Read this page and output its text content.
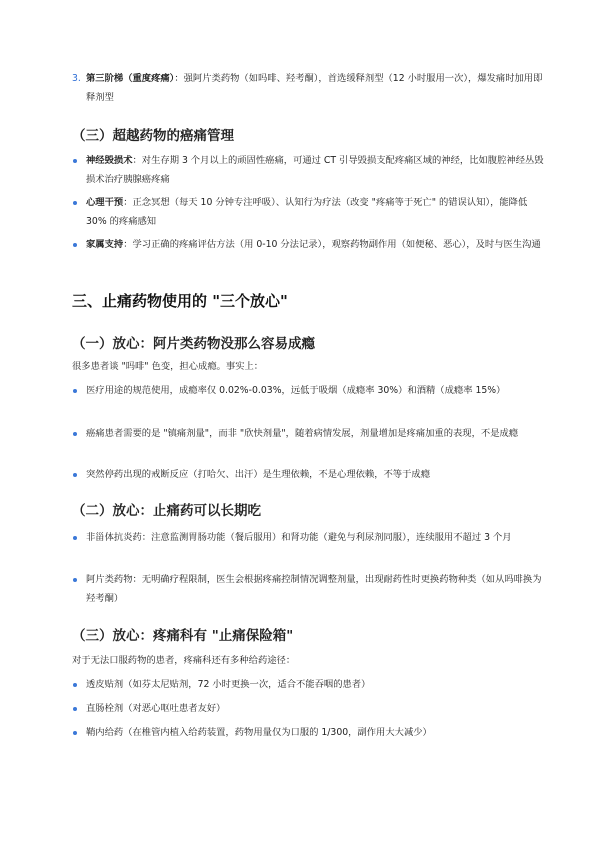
3. 第三阶梯（重度疼痛）：强阿片类药物（如吗啡、羟考酮），首选缓释剂型（12 小时服用一次），爆发痛时加用即释剂型
（三）超越药物的癌痛管理
神经毁损术：对生存期 3 个月以上的顽固性癌痛，可通过 CT 引导毁损支配疼痛区域的神经，比如腹腔神经丛毁损术治疗胰腺癌疼痛
心理干预：正念冥想（每天 10 分钟专注呼吸）、认知行为疗法（改变 "疼痛等于死亡" 的错误认知），能降低 30% 的疼痛感知
家属支持：学习正确的疼痛评估方法（用 0-10 分法记录），观察药物副作用（如便秘、恶心），及时与医生沟通
三、止痛药物使用的 "三个放心"
（一）放心：阿片类药物没那么容易成瘾
很多患者谈 "吗啡" 色变，担心成瘾。事实上：
医疗用途的规范使用，成瘾率仅 0.02%-0.03%，远低于吸烟（成瘾率 30%）和酒精（成瘾率 15%）
癌痛患者需要的是 "镇痛剂量"，而非 "欣快剂量"，随着病情发展，剂量增加是疼痛加重的表现，不是成瘾
突然停药出现的戒断反应（打哈欠、出汗）是生理依赖，不是心理依赖，不等于成瘾
（二）放心：止痛药可以长期吃
非甾体抗炎药：注意监测胃肠功能（餐后服用）和肾功能（避免与利尿剂同服），连续服用不超过 3 个月
阿片类药物：无明确疗程限制，医生会根据疼痛控制情况调整剂量，出现耐药性时更换药物种类（如从吗啡换为羟考酮）
（三）放心：疼痛科有 "止痛保险箱"
对于无法口服药物的患者，疼痛科还有多种给药途径：
透皮贴剂（如芬太尼贴剂，72 小时更换一次，适合不能吞咽的患者）
直肠栓剂（对恶心呕吐患者友好）
鞘内给药（在椎管内植入给药装置，药物用量仅为口服的 1/300，副作用大大减少）
